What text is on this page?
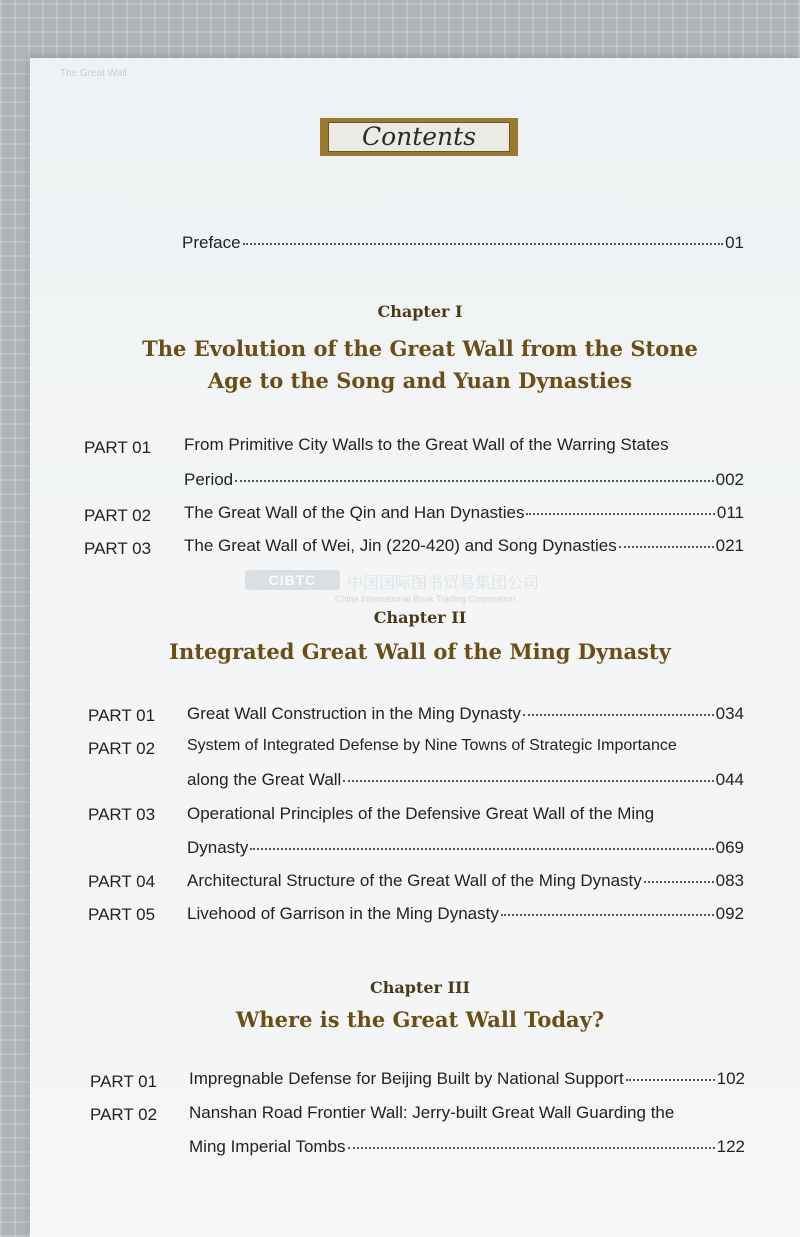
The Great Wall
Contents
Preface	01
Chapter I
The Evolution of the Great Wall from the Stone
Age to the Song and Yuan Dynasties
PART 01 From Primitive City Walls to the Great Wall of the Warring States
Period	002
PART 02 The Great Wall of the Qin and Han Dynasties	011
PART 03 The Great Wall of Wei, Jin (220-420) and Song Dynasties	021
CIBTC	中国国际图书贸易集团公司
China International Book Trading Corporation
Chapter II
Integrated Great Wall of the Ming Dynasty
PART 01 Great Wall Construction in the Ming Dynasty	034
PART 02 System of Integrated Defense by Nine Towns of Strategic Importance
along the Great Wall	044
PART 03 Operational Principles of the Defensive Great Wall of the Ming
Dynasty	069
PART 04 Architectural Structure of the Great Wall of the Ming Dynasty	083
PART 05 Livehood of Garrison in the Ming Dynasty	092
Chapter III
Where is the Great Wall Today?
PART 01 Impregnable Defense for Beijing Built by National Support	102
PART 02 Nanshan Road Frontier Wall: Jerry-built Great Wall Guarding the
Ming Imperial Tombs	122
